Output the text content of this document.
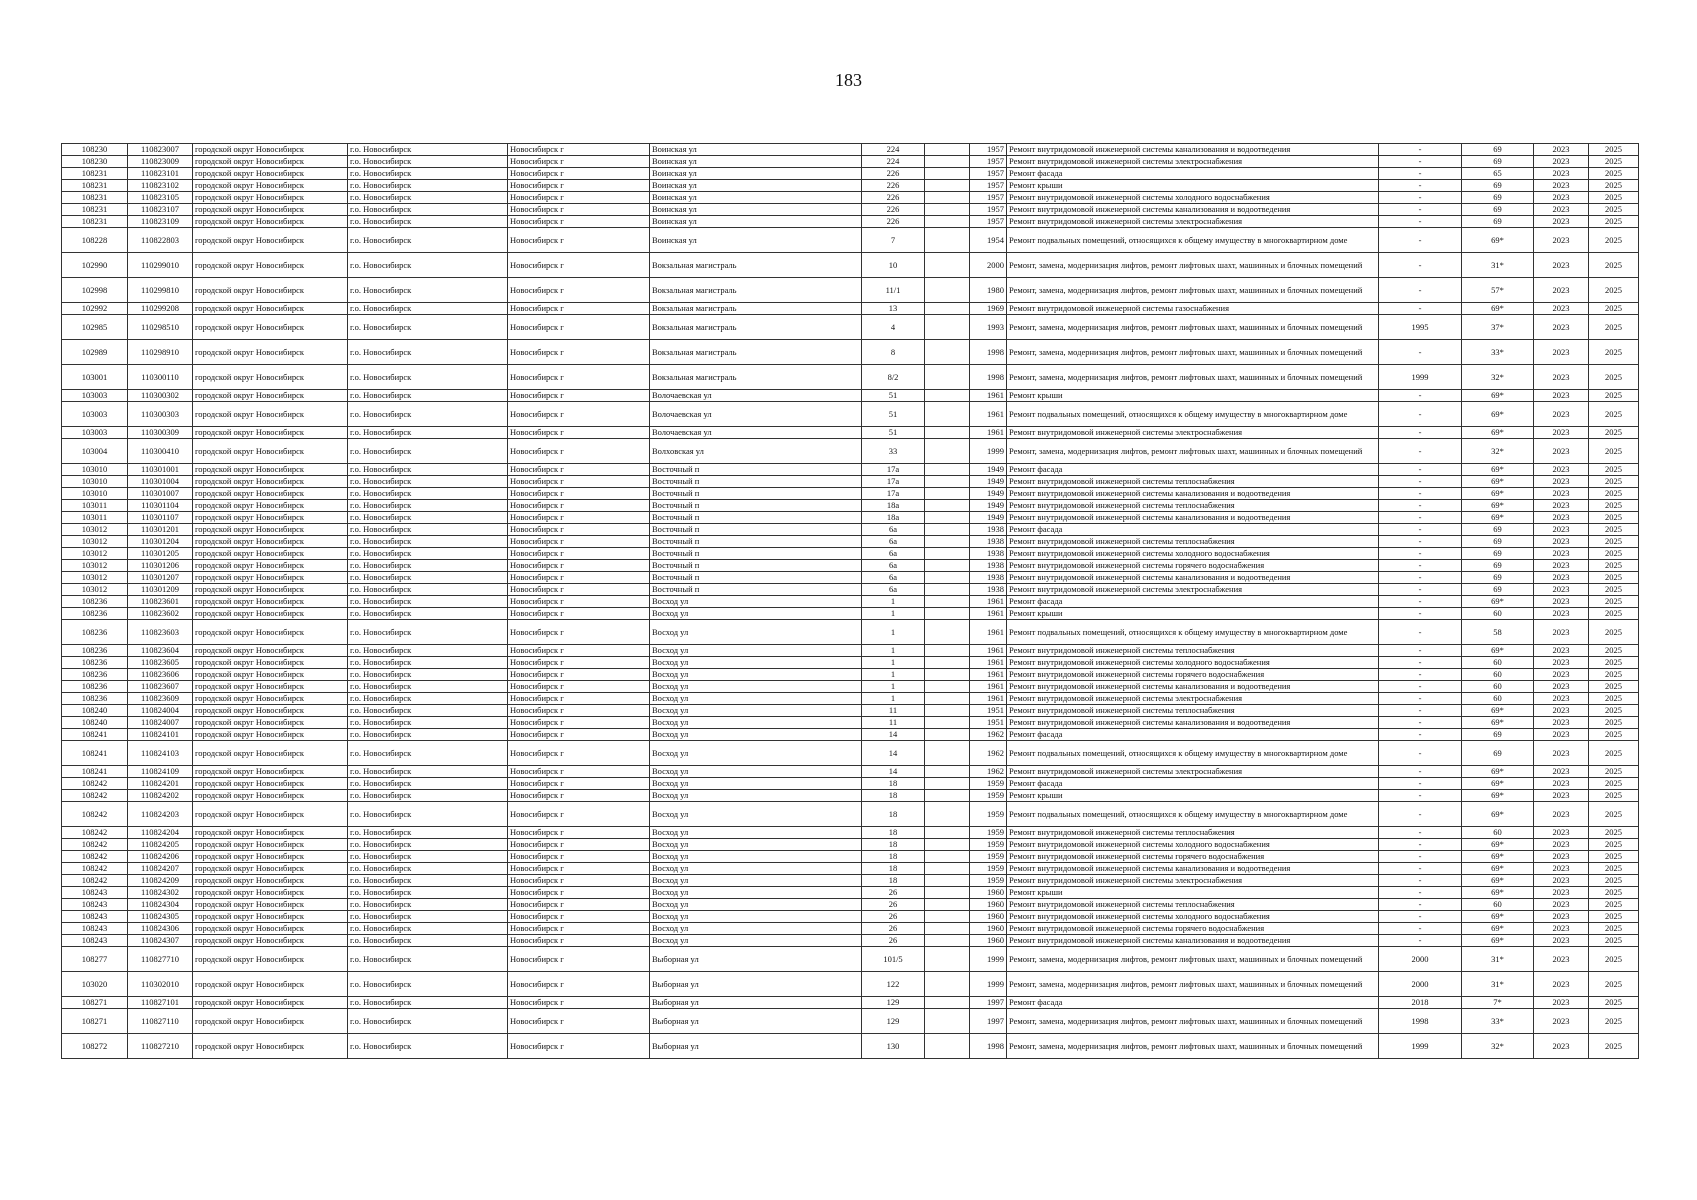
183
108230	110823007	городской округ Новосибирск	г.о. Новосибирск	Новосибирск г	Воинская ул	224		1957	Ремонт внутридомовой инженерной системы канализования и водоотведения	-	69	2023	2025
108230	110823009	городской округ Новосибирск	г.о. Новосибирск	Новосибирск г	Воинская ул	224		1957	Ремонт внутридомовой инженерной системы электроснабжения	-	69	2023	2025
108231	110823101	городской округ Новосибирск	г.о. Новосибирск	Новосибирск г	Воинская ул	226		1957	Ремонт фасада	-	65	2023	2025
108231	110823102	городской округ Новосибирск	г.о. Новосибирск	Новосибирск г	Воинская ул	226		1957	Ремонт крыши	-	69	2023	2025
108231	110823105	городской округ Новосибирск	г.о. Новосибирск	Новосибирск г	Воинская ул	226		1957	Ремонт внутридомовой инженерной системы холодного водоснабжения	-	69	2023	2025
108231	110823107	городской округ Новосибирск	г.о. Новосибирск	Новосибирск г	Воинская ул	226		1957	Ремонт внутридомовой инженерной системы канализования и водоотведения	-	69	2023	2025
108231	110823109	городской округ Новосибирск	г.о. Новосибирск	Новосибирск г	Воинская ул	226		1957	Ремонт внутридомовой инженерной системы электроснабжения	-	69	2023	2025
108228	110822803	городской округ Новосибирск	г.о. Новосибирск	Новосибирск г	Воинская ул	7		1954	Ремонт подвальных помещений, относящихся к общему имуществу в многоквартирном доме	-	69*	2023	2025
102990	110299010	городской округ Новосибирск	г.о. Новосибирск	Новосибирск г	Вокзальная магистраль	10		2000	Ремонт, замена, модернизация лифтов, ремонт лифтовых шахт, машинных и блочных помещений	-	31*	2023	2025
102998	110299810	городской округ Новосибирск	г.о. Новосибирск	Новосибирск г	Вокзальная магистраль	11/1		1980	Ремонт, замена, модернизация лифтов, ремонт лифтовых шахт, машинных и блочных помещений	-	57*	2023	2025
102992	110299208	городской округ Новосибирск	г.о. Новосибирск	Новосибирск г	Вокзальная магистраль	13		1969	Ремонт внутридомовой инженерной системы газоснабжения	-	69*	2023	2025
102985	110298510	городской округ Новосибирск	г.о. Новосибирск	Новосибирск г	Вокзальная магистраль	4		1993	Ремонт, замена, модернизация лифтов, ремонт лифтовых шахт, машинных и блочных помещений	1995	37*	2023	2025
102989	110298910	городской округ Новосибирск	г.о. Новосибирск	Новосибирск г	Вокзальная магистраль	8		1998	Ремонт, замена, модернизация лифтов, ремонт лифтовых шахт, машинных и блочных помещений	-	33*	2023	2025
103001	110300110	городской округ Новосибирск	г.о. Новосибирск	Новосибирск г	Вокзальная магистраль	8/2		1998	Ремонт, замена, модернизация лифтов, ремонт лифтовых шахт, машинных и блочных помещений	1999	32*	2023	2025
103003	110300302	городской округ Новосибирск	г.о. Новосибирск	Новосибирск г	Волочаевская ул	51		1961	Ремонт крыши	-	69*	2023	2025
103003	110300303	городской округ Новосибирск	г.о. Новосибирск	Новосибирск г	Волочаевская ул	51		1961	Ремонт подвальных помещений, относящихся к общему имуществу в многоквартирном доме	-	69*	2023	2025
103003	110300309	городской округ Новосибирск	г.о. Новосибирск	Новосибирск г	Волочаевская ул	51		1961	Ремонт внутридомовой инженерной системы электроснабжения	-	69*	2023	2025
103004	110300410	городской округ Новосибирск	г.о. Новосибирск	Новосибирск г	Волховская ул	33		1999	Ремонт, замена, модернизация лифтов, ремонт лифтовых шахт, машинных и блочных помещений	-	32*	2023	2025
103010	110301001	городской округ Новосибирск	г.о. Новосибирск	Новосибирск г	Восточный п	17а		1949	Ремонт фасада	-	69*	2023	2025
103010	110301004	городской округ Новосибирск	г.о. Новосибирск	Новосибирск г	Восточный п	17а		1949	Ремонт внутридомовой инженерной системы теплоснабжения	-	69*	2023	2025
103010	110301007	городской округ Новосибирск	г.о. Новосибирск	Новосибирск г	Восточный п	17а		1949	Ремонт внутридомовой инженерной системы канализования и водоотведения	-	69*	2023	2025
103011	110301104	городской округ Новосибирск	г.о. Новосибирск	Новосибирск г	Восточный п	18а		1949	Ремонт внутридомовой инженерной системы теплоснабжения	-	69*	2023	2025
103011	110301107	городской округ Новосибирск	г.о. Новосибирск	Новосибирск г	Восточный п	18а		1949	Ремонт внутридомовой инженерной системы канализования и водоотведения	-	69*	2023	2025
103012	110301201	городской округ Новосибирск	г.о. Новосибирск	Новосибирск г	Восточный п	6а		1938	Ремонт фасада	-	69	2023	2025
103012	110301204	городской округ Новосибирск	г.о. Новосибирск	Новосибирск г	Восточный п	6а		1938	Ремонт внутридомовой инженерной системы теплоснабжения	-	69	2023	2025
103012	110301205	городской округ Новосибирск	г.о. Новосибирск	Новосибирск г	Восточный п	6а		1938	Ремонт внутридомовой инженерной системы холодного водоснабжения	-	69	2023	2025
103012	110301206	городской округ Новосибирск	г.о. Новосибирск	Новосибирск г	Восточный п	6а		1938	Ремонт внутридомовой инженерной системы горячего водоснабжения	-	69	2023	2025
103012	110301207	городской округ Новосибирск	г.о. Новосибирск	Новосибирск г	Восточный п	6а		1938	Ремонт внутридомовой инженерной системы канализования и водоотведения	-	69	2023	2025
103012	110301209	городской округ Новосибирск	г.о. Новосибирск	Новосибирск г	Восточный п	6а		1938	Ремонт внутридомовой инженерной системы электроснабжения	-	69	2023	2025
108236	110823601	городской округ Новосибирск	г.о. Новосибирск	Новосибирск г	Восход ул	1		1961	Ремонт фасада	-	69*	2023	2025
108236	110823602	городской округ Новосибирск	г.о. Новосибирск	Новосибирск г	Восход ул	1		1961	Ремонт крыши	-	60	2023	2025
108236	110823603	городской округ Новосибирск	г.о. Новосибирск	Новосибирск г	Восход ул	1		1961	Ремонт подвальных помещений, относящихся к общему имуществу в многоквартирном доме	-	58	2023	2025
108236	110823604	городской округ Новосибирск	г.о. Новосибирск	Новосибирск г	Восход ул	1		1961	Ремонт внутридомовой инженерной системы теплоснабжения	-	69*	2023	2025
108236	110823605	городской округ Новосибирск	г.о. Новосибирск	Новосибирск г	Восход ул	1		1961	Ремонт внутридомовой инженерной системы холодного водоснабжения	-	60	2023	2025
108236	110823606	городской округ Новосибирск	г.о. Новосибирск	Новосибирск г	Восход ул	1		1961	Ремонт внутридомовой инженерной системы горячего водоснабжения	-	60	2023	2025
108236	110823607	городской округ Новосибирск	г.о. Новосибирск	Новосибирск г	Восход ул	1		1961	Ремонт внутридомовой инженерной системы канализования и водоотведения	-	60	2023	2025
108236	110823609	городской округ Новосибирск	г.о. Новосибирск	Новосибирск г	Восход ул	1		1961	Ремонт внутридомовой инженерной системы электроснабжения	-	60	2023	2025
108240	110824004	городской округ Новосибирск	г.о. Новосибирск	Новосибирск г	Восход ул	11		1951	Ремонт внутридомовой инженерной системы теплоснабжения	-	69*	2023	2025
108240	110824007	городской округ Новосибирск	г.о. Новосибирск	Новосибирск г	Восход ул	11		1951	Ремонт внутридомовой инженерной системы канализования и водоотведения	-	69*	2023	2025
108241	110824101	городской округ Новосибирск	г.о. Новосибирск	Новосибирск г	Восход ул	14		1962	Ремонт фасада	-	69	2023	2025
108241	110824103	городской округ Новосибирск	г.о. Новосибирск	Новосибирск г	Восход ул	14		1962	Ремонт подвальных помещений, относящихся к общему имуществу в многоквартирном доме	-	69	2023	2025
108241	110824109	городской округ Новосибирск	г.о. Новосибирск	Новосибирск г	Восход ул	14		1962	Ремонт внутридомовой инженерной системы электроснабжения	-	69*	2023	2025
108242	110824201	городской округ Новосибирск	г.о. Новосибирск	Новосибирск г	Восход ул	18		1959	Ремонт фасада	-	69*	2023	2025
108242	110824202	городской округ Новосибирск	г.о. Новосибирск	Новосибирск г	Восход ул	18		1959	Ремонт крыши	-	69*	2023	2025
108242	110824203	городской округ Новосибирск	г.о. Новосибирск	Новосибирск г	Восход ул	18		1959	Ремонт подвальных помещений, относящихся к общему имуществу в многоквартирном доме	-	69*	2023	2025
108242	110824204	городской округ Новосибирск	г.о. Новосибирск	Новосибирск г	Восход ул	18		1959	Ремонт внутридомовой инженерной системы теплоснабжения	-	60	2023	2025
108242	110824205	городской округ Новосибирск	г.о. Новосибирск	Новосибирск г	Восход ул	18		1959	Ремонт внутридомовой инженерной системы холодного водоснабжения	-	69*	2023	2025
108242	110824206	городской округ Новосибирск	г.о. Новосибирск	Новосибирск г	Восход ул	18		1959	Ремонт внутридомовой инженерной системы горячего водоснабжения	-	69*	2023	2025
108242	110824207	городской округ Новосибирск	г.о. Новосибирск	Новосибирск г	Восход ул	18		1959	Ремонт внутридомовой инженерной системы канализования и водоотведения	-	69*	2023	2025
108242	110824209	городской округ Новосибирск	г.о. Новосибирск	Новосибирск г	Восход ул	18		1959	Ремонт внутридомовой инженерной системы электроснабжения	-	69*	2023	2025
108243	110824302	городской округ Новосибирск	г.о. Новосибирск	Новосибирск г	Восход ул	26		1960	Ремонт крыши	-	69*	2023	2025
108243	110824304	городской округ Новосибирск	г.о. Новосибирск	Новосибирск г	Восход ул	26		1960	Ремонт внутридомовой инженерной системы теплоснабжения	-	60	2023	2025
108243	110824305	городской округ Новосибирск	г.о. Новосибирск	Новосибирск г	Восход ул	26		1960	Ремонт внутридомовой инженерной системы холодного водоснабжения	-	69*	2023	2025
108243	110824306	городской округ Новосибирск	г.о. Новосибирск	Новосибирск г	Восход ул	26		1960	Ремонт внутридомовой инженерной системы горячего водоснабжения	-	69*	2023	2025
108243	110824307	городской округ Новосибирск	г.о. Новосибирск	Новосибирск г	Восход ул	26		1960	Ремонт внутридомовой инженерной системы канализования и водоотведения	-	69*	2023	2025
108277	110827710	городской округ Новосибирск	г.о. Новосибирск	Новосибирск г	Выборная ул	101/5		1999	Ремонт, замена, модернизация лифтов, ремонт лифтовых шахт, машинных и блочных помещений	2000	31*	2023	2025
103020	110302010	городской округ Новосибирск	г.о. Новосибирск	Новосибирск г	Выборная ул	122		1999	Ремонт, замена, модернизация лифтов, ремонт лифтовых шахт, машинных и блочных помещений	2000	31*	2023	2025
108271	110827101	городской округ Новосибирск	г.о. Новосибирск	Новосибирск г	Выборная ул	129		1997	Ремонт фасада	2018	7*	2023	2025
108271	110827110	городской округ Новосибирск	г.о. Новосибирск	Новосибирск г	Выборная ул	129		1997	Ремонт, замена, модернизация лифтов, ремонт лифтовых шахт, машинных и блочных помещений	1998	33*	2023	2025
108272	110827210	городской округ Новосибирск	г.о. Новосибирск	Новосибирск г	Выборная ул	130		1998	Ремонт, замена, модернизация лифтов, ремонт лифтовых шахт, машинных и блочных помещений	1999	32*	2023	2025
